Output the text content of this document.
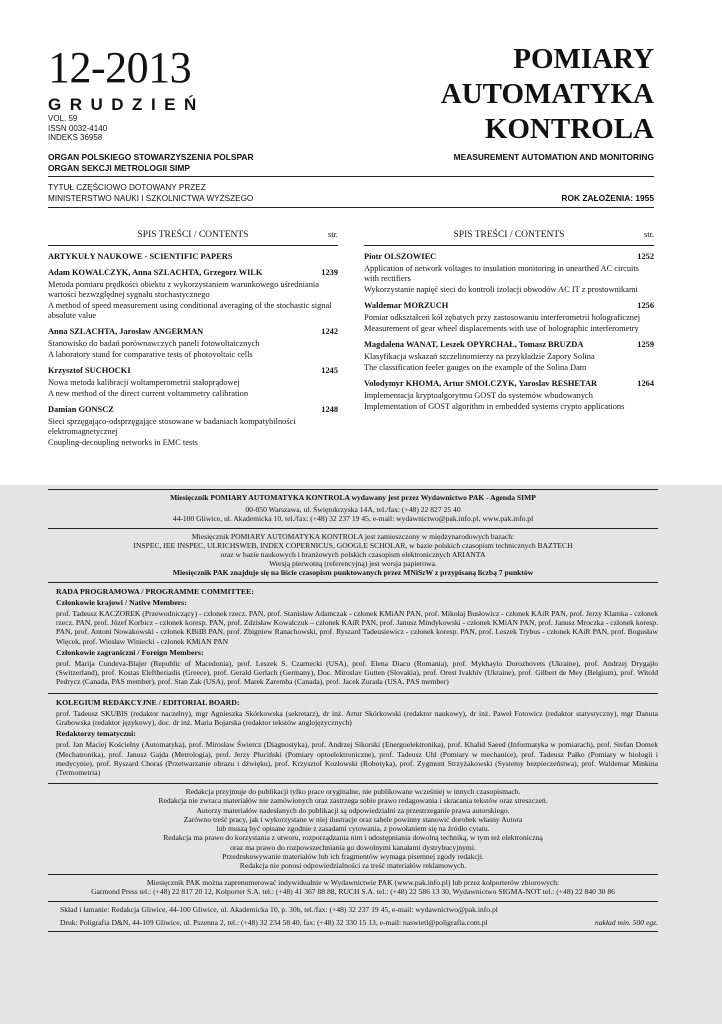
12-2013
GRUDZIEŃ
VOL. 59
ISSN 0032-4140
INDEKS 36958
POMIARY
AUTOMATYKA
KONTROLA
ORGAN POLSKIEGO STOWARZYSZENIA POLSPAR
ORGAN SEKCJI METROLOGII SIMP
MEASUREMENT AUTOMATION AND MONITORING
TYTUŁ CZĘŚCIOWO DOTOWANY PRZEZ
MINISTERSTWO NAUKI I SZKOLNICTWA WYŻSZEGO	ROK ZAŁOŻENIA: 1955
SPIS TREŚCI / CONTENTS	str.
ARTYKUŁY NAUKOWE - SCIENTIFIC PAPERS
Adam KOWALCZYK, Anna SZLACHTA, Grzegorz WILK	1239
Metoda pomiaru prędkości obiektu z wykorzystaniem warunkowego uśredniania wartości bezwzględnej sygnału stochastycznego
A method of speed measurement using conditional averaging of the stochastic signal absolute value
Anna SZLACHTA, Jarosław ANGERMAN	1242
Stanowisko do badań porównawczych paneli fotowoltaicznych
A laboratory stand for comparative tests of photovoltaic cells
Krzysztof SUCHOCKI	1245
Nowa metoda kalibracji woltamperometrii stałoprądowej
A new method of the direct current voltammetry calibration
Damian GONSCZ	1248
Sieci sprzęgająco-odsprzęgające stosowane w badaniach kompatybilności elektromagnetycznej
Coupling-decoupling networks in EMC tests
SPIS TREŚCI / CONTENTS	str.
Piotr OLSZOWIEC	1252
Application of network voltages to insulation monitoring in unearthed AC circuits with rectifiers
Wykorzystanie napięć sieci do kontroli izolacji obwodów AC IT z prostownikami
Waldemar MORZUCH	1256
Pomiar odkształceń kół zębatych przy zastosowaniu interferometrii holograficznej
Measurement of gear wheel displacements with use of holographic interferometry
Magdalena WANAT, Leszek OPYRCHAŁ, Tomasz BRUZDA	1259
Klasyfikacja wskazań szczelinomierzy na przykładzie Zapory Solina
The classification feeler gauges on the example of the Solina Dam
Volodymyr KHOMA, Artur SMOLCZYK, Yaroslav RESHETAR	1264
Implementacja kryptoalgorytmu GOST do systemów wbudowanych
Implementation of GOST algorithm in embedded systems crypto applications
Miesięcznik POMIARY AUTOMATYKA KONTROLA wydawany jest przez Wydawnictwo PAK - Agenda SIMP
00-050 Warszawa, ul. Świętokrzyska 14A, tel./fax: (+48) 22 827 25 40
44-100 Gliwice, ul. Akademicka 10, tel./fax: (+48) 32 237 19 45, e-mail: wydawnictwo@pak.info.pl, www.pak.info.pl
Miesięcznik POMIARY AUTOMATYKA KONTROLA jest zamieszczony w międzynarodowych bazach:
INSPEC, IEE INSPEC, ULRICHSWEB, INDEX COPERNICUS, GOOGLE SCHOLAR, w bazie polskich czasopism technicznych BAZTECH
oraz w bazie naukowych i branżowych polskich czasopism elektronicznych ARIANTA
Wersją pierwotną (referencyjną) jest wersja papierowa.
Miesięcznik PAK znajduje się na liście czasopism punktowanych przez MNiSzW z przypisaną liczbą 7 punktów
RADA PROGRAMOWA / PROGRAMME COMMITTEE:
Członkowie krajowi / Native Members:

prof. Tadeusz KACZOREK (Przewodniczący) - członek rzecz. PAN, prof. Stanisław Adamczak - członek KMiAN PAN, prof. Mikołaj Busłowicz - członek KAiR PAN, prof. Jerzy Klamka - członek rzecz. PAN, prof. Józef Korbicz - członek koresp. PAN, prof. Zdzisław Kowalczuk – członek KAiR PAN, prof. Janusz Mindykowski - członek KMiAN PAN, prof. Janusz Mroczka - członek koresp. PAN, prof. Antoni Nowakowski - członek KBiIB PAN, prof. Zbigniew Ranachowski, prof. Ryszard Tadeusiewicz - członek koresp. PAN, prof. Leszek Trybus - członek KAiR PAN, prof. Bogusław Więcek, prof. Wiesław Winiecki - członek KMiAN PAN

Członkowie zagraniczni / Foreign Members:

prof. Marija Cundeva-Blajer (Republic of Macedonia), prof. Leszek S. Czarnecki (USA), prof. Elena Diacu (Romania), prof. Mykhaylo Dorozhovets (Ukraine), prof. Andrzej Drygajło (Switzerland), prof. Kostas Eleftheriadis (Greece), prof. Gerald Gerlach (Germany), Doc. Miroslav Gutten (Slovakia), prof. Orest Ivakhiv (Ukraine), prof. Gilbert de Mey (Belgium), prof. Witold Pedrycz (Canada, PAS member), prof. Stan Zak (USA), prof. Marek Zaremba (Canada), prof. Jacek Zurada (USA, PAS member)

KOLEGIUM REDAKCYJNE / EDITORIAL BOARD:

prof. Tadeusz SKUBIS (redaktor naczelny), mgr Agnieszka Skórkowska (sekretarz), dr inż. Artur Skórkowski (redaktor naukowy), dr inż. Paweł Fotowicz (redaktor statystyczny), mgr Danuta Grabowska (redaktor językowy), doc. dr inż. Maria Bojarska (redaktor tekstów anglojęzycznych)

Redaktorzy tematyczni:

prof. Jan Maciej Kościelny (Automatyka), prof. Mirosław Świercz (Diagnostyka), prof. Andrzej Sikorski (Energoelektronika), prof. Khalid Saeed (Informatyka w pomiarach), prof. Stefan Domek (Mechatronika), prof. Janusz Gajda (Metrologia), prof. Jerzy Pluciński (Pomiary optoelektroniczne), prof. Tadeusz Uhl (Pomiary w mechanice), prof. Tadeusz Pałko (Pomiary w biologii i medycynie), prof. Ryszard Choraś (Przetwarzanie obrazu i dźwięku), prof. Krzysztof Kozłowski (Robotyka), prof. Zygmunt Strzyżakowski (Systemy bezpieczeństwa), prof. Waldemar Minkina (Termometria)

Redakcja przyjmuje do publikacji tylko prace oryginalne, nie publikowane wcześniej w innych czasopismach.
Redakcja nie zwraca materiałów nie zamówionych oraz zastrzega sobie prawo redagowania i skracania tekstów oraz streszczeń.
Autorzy materiałów nadesłanych do publikacji są odpowiedzialni za przestrzeganie prawa autorskiego.
Zarówno treść pracy, jak i wykorzystane w niej ilustracje oraz tabele powinny stanowić dorobek własny Autora
lub muszą być opisane zgodnie z zasadami cytowania, z powołaniem się na źródło cytatu.
Redakcja ma prawo do korzystania z utworu, rozporządzania nim i udostępniania dowolną techniką, w tym też elektroniczną
oraz ma prawo do rozpowszechniania go dowolnymi kanałami dystrybucyjnymi.
Przedrukowywanie materiałów lub ich fragmentów wymaga pisemnej zgody redakcji.
Redakcja nie ponosi odpowiedzialności za treść materiałów reklamowych.
Miesięcznik PAK można zaprenumerować indywidualnie w Wydawnictwie PAK (www.pak.info.pl) lub przez kolporterów zbiorowych:
Garmond Press tel.: (+48) 22 817 20 12, Kolporter S.A. tel.: (+48) 41 367 88 88, RUCH S.A. tel.: (+48) 22 586 13 30, Wydawnictwo SIGMA-NOT tel.: (+48) 22 840 30 86
Skład i łamanie: Redakcja Gliwice, 44-100 Gliwice, ul. Akademicka 10, p. 30b, tel./fax: (+48) 32 237 19 45, e-mail: wydawnictwo@pak.info.pl
Druk: Poligrafia D&N, 44-109 Gliwice, ul. Pszenna 2, tel.: (+48) 32 234 58 40, fax: (+48) 32 330 15 13, e-mail: naswietl@poligrafia.com.pl	nakład min. 500 egz.
